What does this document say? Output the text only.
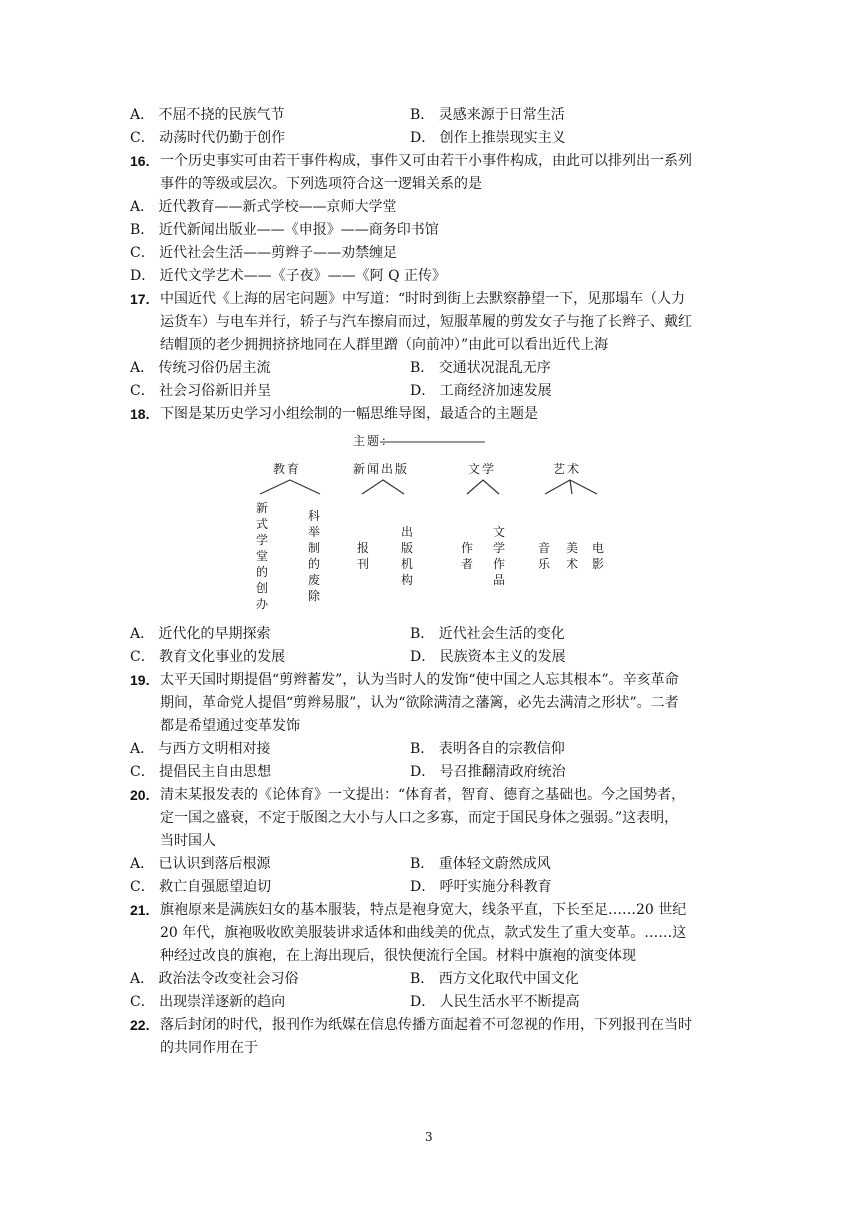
A． 不屈不挠的民族气节	B． 灵感来源于日常生活
C． 动荡时代仍勤于创作	D． 创作上推崇现实主义
16. 一个历史事实可由若干事件构成，事件又可由若干小事件构成，由此可以排列出一系列
事件的等级或层次。下列选项符合这一逻辑关系的是
A． 近代教育——新式学校——京师大学堂
B． 近代新闻出版业——《申报》——商务印书馆
C． 近代社会生活——剪辫子——劝禁缠足
D． 近代文学艺术——《子夜》——《阿 Q 正传》
17. 中国近代《上海的居宅问题》中写道：“时时到街上去默察静望一下，见那塌车（人力
运货车）与电车并行，轿子与汽车擦肩而过，短服革履的剪发女子与拖了长辫子、戴红
结帽顶的老少拥拥挤挤地同在人群里蹭（向前冲）”由此可以看出近代上海
A． 传统习俗仍居主流	B． 交通状况混乱无序
C． 社会习俗新旧并呈	D． 工商经济加速发展
18. 下图是某历史学习小组绘制的一幅思维导图，最适合的主题是
主题：
教育	新闻出版	文学	艺术
新式学堂的创办
科举制的废除
报刊
出版机构
作者
文学作品
音乐
美术
电影
A． 近代化的早期探索	B． 近代社会生活的变化
C． 教育文化事业的发展	D． 民族资本主义的发展
19. 太平天国时期提倡“剪辫蓄发”，认为当时人的发饰“使中国之人忘其根本”。辛亥革命
期间，革命党人提倡“剪辫易服”，认为“欲除满清之藩篱，必先去满清之形状”。二者
都是希望通过变革发饰
A． 与西方文明相对接	B． 表明各自的宗教信仰
C． 提倡民主自由思想	D． 号召推翻清政府统治
20. 清末某报发表的《论体育》一文提出：“体育者，智育、德育之基础也。今之国势者，
定一国之盛衰，不定于版图之大小与人口之多寡，而定于国民身体之强弱。”这表明，
当时国人
A． 已认识到落后根源	B． 重体轻文蔚然成风
C． 救亡自强愿望迫切	D． 呼吁实施分科教育
21. 旗袍原来是满族妇女的基本服装，特点是袍身宽大，线条平直，下长至足……20 世纪
20 年代，旗袍吸收欧美服装讲求适体和曲线美的优点，款式发生了重大变革。……这
种经过改良的旗袍，在上海出现后，很快便流行全国。材料中旗袍的演变体现
A． 政治法令改变社会习俗	B． 西方文化取代中国文化
C． 出现崇洋逐新的趋向	D． 人民生活水平不断提高
22. 落后封闭的时代，报刊作为纸媒在信息传播方面起着不可忽视的作用，下列报刊在当时
的共同作用在于
3
